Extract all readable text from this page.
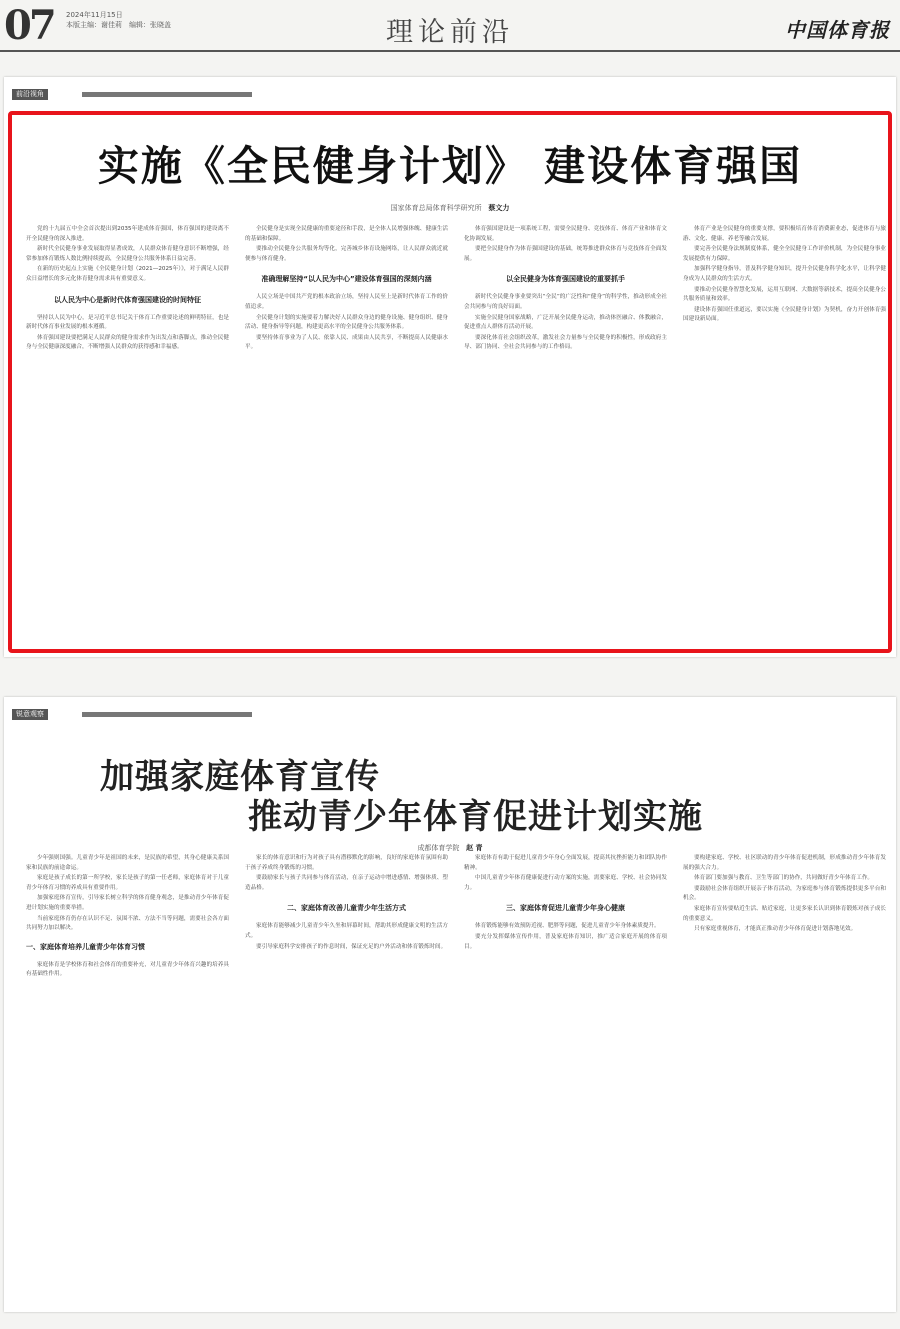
07 2024年11月15日
本版主编：谢佳莉　编辑：张晓盖	理论前沿	中国体育报
前沿视角
实施《全民健身计划》 建设体育强国
国家体育总局体育科学研究所 蔡文力

党的十九届五中全会首次提出到2035年建成体育强国，体育强国的建设离不开全民健身的深入推进。

新时代全民健身事业发展取得显著成效，人民群众体育健身意识不断增强，经常参加体育锻炼人数比例持续提高，全民健身公共服务体系日益完善。

在新的历史起点上实施《全民健身计划（2021—2025年）》，对于满足人民群众日益增长的多元化体育健身需求具有重要意义。

以人民为中心是新时代体育强国建设的时间特征

坚持以人民为中心，是习近平总书记关于体育工作重要论述的鲜明特征，也是新时代体育事业发展的根本遵循。

体育强国建设要把满足人民群众的健身需求作为出发点和落脚点，推动全民健身与全民健康深度融合，不断增强人民群众的获得感和幸福感。

全民健身是实现全民健康的重要途径和手段，是全体人民增强体魄、健康生活的基础和保障。

要推动全民健身公共服务均等化，完善城乡体育设施网络，让人民群众就近就便参与体育健身。

准确理解坚持“以人民为中心”建设体育强国的深刻内涵

人民立场是中国共产党的根本政治立场，坚持人民至上是新时代体育工作的价值追求。

全民健身计划的实施要着力解决好人民群众身边的健身设施、健身组织、健身活动、健身指导等问题，构建更高水平的全民健身公共服务体系。

要坚持体育事业为了人民、依靠人民、成果由人民共享，不断提高人民健康水平。

体育强国建设是一项系统工程，需要全民健身、竞技体育、体育产业和体育文化协调发展。

要把全民健身作为体育强国建设的基础，统筹推进群众体育与竞技体育全面发展。

以全民健身为体育强国建设的重要抓手

新时代全民健身事业要突出“全民”的广泛性和“健身”的科学性，推动形成全社会共同参与的良好局面。

实施全民健身国家战略，广泛开展全民健身运动，推动体医融合、体教融合，促进重点人群体育活动开展。

要深化体育社会组织改革，激发社会力量参与全民健身的积极性，形成政府主导、部门协同、全社会共同参与的工作格局。

体育产业是全民健身的重要支撑，要积极培育体育消费新业态，促进体育与旅游、文化、健康、养老等融合发展。

要完善全民健身法规制度体系，健全全民健身工作评价机制，为全民健身事业发展提供有力保障。

加强科学健身指导，普及科学健身知识，提升全民健身科学化水平，让科学健身成为人民群众的生活方式。

要推动全民健身智慧化发展，运用互联网、大数据等新技术，提高全民健身公共服务质量和效率。

建设体育强国任重道远，要以实施《全民健身计划》为契机，奋力开创体育强国建设新局面。

锐意观察
加强家庭体育宣传
推动青少年体育促进计划实施
成都体育学院 赵 青

少年强则国强。儿童青少年是祖国的未来，是民族的希望，其身心健康关系国家和民族的前途命运。

家庭是孩子成长的第一所学校，家长是孩子的第一任老师，家庭体育对于儿童青少年体育习惯的养成具有重要作用。

加强家庭体育宣传，引导家长树立科学的体育健身观念，是推动青少年体育促进计划实施的重要举措。

当前家庭体育仍存在认识不足、氛围不浓、方法不当等问题，需要社会各方面共同努力加以解决。

一、家庭体育培养儿童青少年体育习惯

家庭体育是学校体育和社会体育的重要补充，对儿童青少年体育兴趣的培养具有基础性作用。

家长的体育意识和行为对孩子具有潜移默化的影响，良好的家庭体育氛围有助于孩子养成终身锻炼的习惯。

要鼓励家长与孩子共同参与体育活动，在亲子运动中增进感情、增强体质、塑造品格。

二、家庭体育改善儿童青少年生活方式

家庭体育能够减少儿童青少年久坐和屏幕时间，帮助其形成健康文明的生活方式。

要引导家庭科学安排孩子的作息时间，保证充足的户外活动和体育锻炼时间。

家庭体育有助于促进儿童青少年身心全面发展，提高其抗挫折能力和团队协作精神。

中国儿童青少年体育健康促进行动方案的实施，需要家庭、学校、社会协同发力。

三、家庭体育促进儿童青少年身心健康

体育锻炼能够有效预防近视、肥胖等问题，促进儿童青少年身体素质提升。

要充分发挥媒体宣传作用，普及家庭体育知识，推广适合家庭开展的体育项目。

要构建家庭、学校、社区联动的青少年体育促进机制，形成推动青少年体育发展的强大合力。

体育部门要加强与教育、卫生等部门的协作，共同做好青少年体育工作。

要鼓励社会体育组织开展亲子体育活动，为家庭参与体育锻炼提供更多平台和机会。

家庭体育宣传要贴近生活、贴近家庭，让更多家长认识到体育锻炼对孩子成长的重要意义。

只有家庭重视体育，才能真正推动青少年体育促进计划落地见效。
